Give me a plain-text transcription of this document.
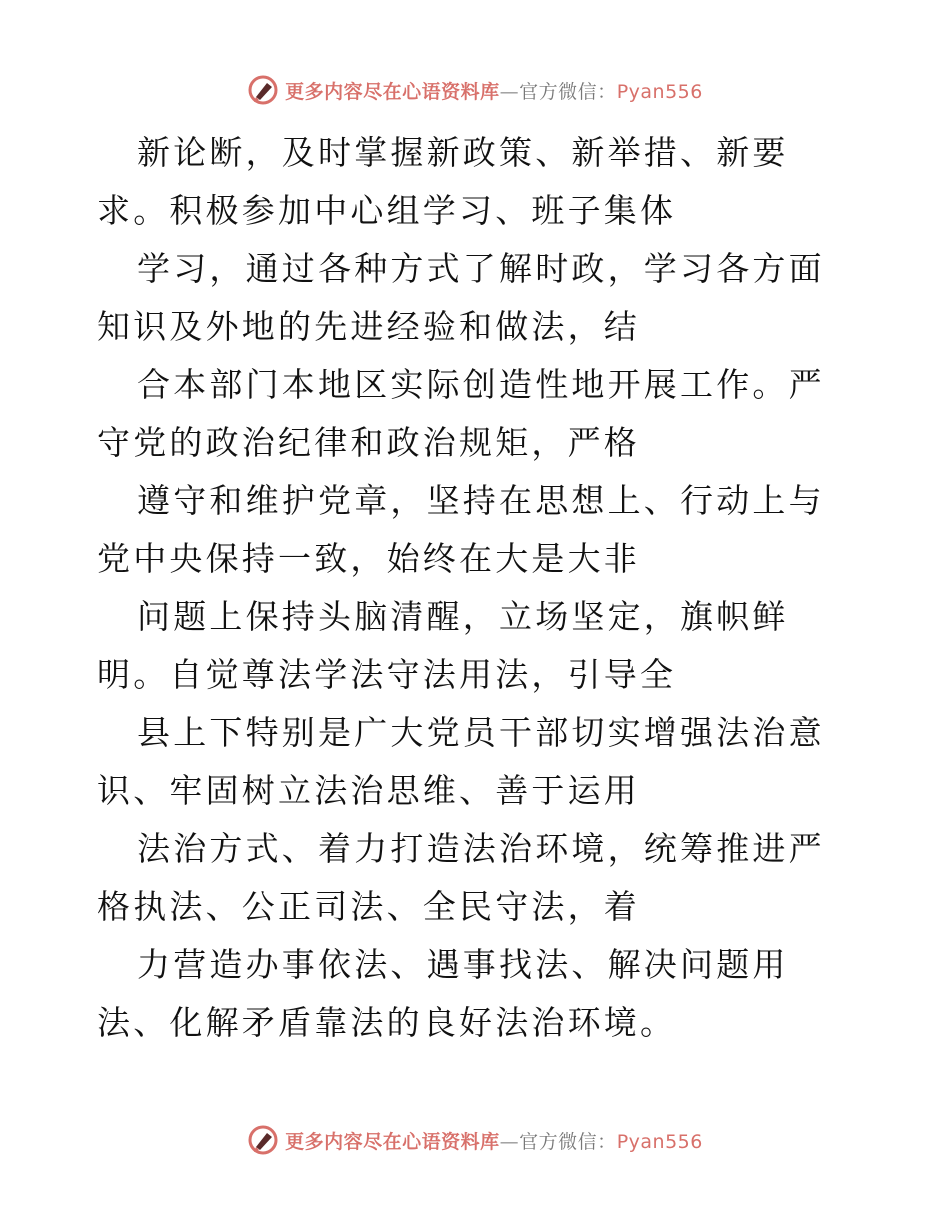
更多内容尽在心语资料库—官方微信：Pyan556

新论断，及时掌握新政策、新举措、新要求。积极参加中心组学习、班子集体

学习，通过各种方式了解时政，学习各方面知识及外地的先进经验和做法，结

合本部门本地区实际创造性地开展工作。严守党的政治纪律和政治规矩，严格

遵守和维护党章，坚持在思想上、行动上与党中央保持一致，始终在大是大非

问题上保持头脑清醒，立场坚定，旗帜鲜明。自觉尊法学法守法用法，引导全

县上下特别是广大党员干部切实增强法治意识、牢固树立法治思维、善于运用

法治方式、着力打造法治环境，统筹推进严格执法、公正司法、全民守法，着

力营造办事依法、遇事找法、解决问题用法、化解矛盾靠法的良好法治环境。

更多内容尽在心语资料库—官方微信：Pyan556
